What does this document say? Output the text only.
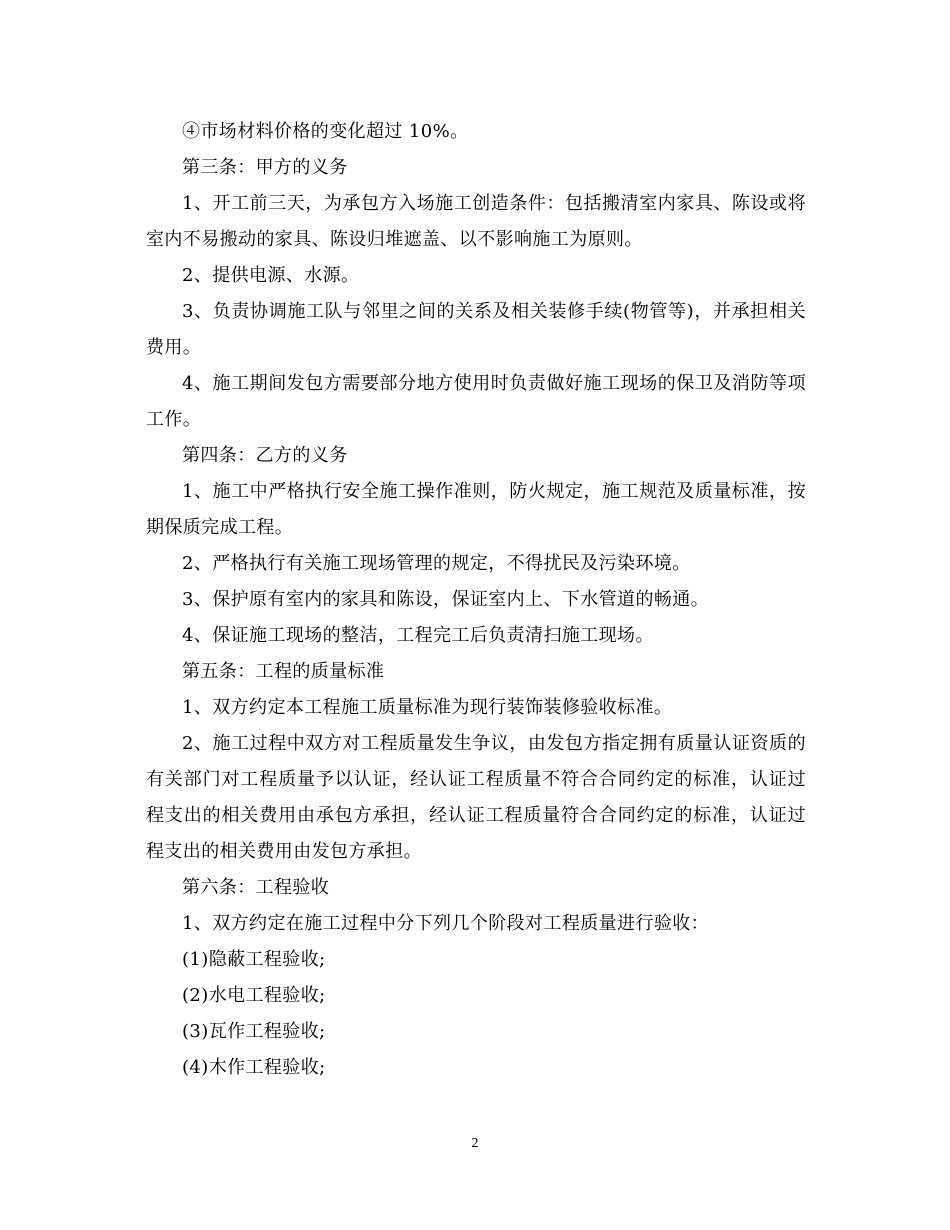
④市场材料价格的变化超过 10%。

第三条：甲方的义务

1、开工前三天，为承包方入场施工创造条件：包括搬清室内家具、陈设或将室内不易搬动的家具、陈设归堆遮盖、以不影响施工为原则。

2、提供电源、水源。

3、负责协调施工队与邻里之间的关系及相关装修手续(物管等)，并承担相关费用。

4、施工期间发包方需要部分地方使用时负责做好施工现场的保卫及消防等项工作。

第四条：乙方的义务

1、施工中严格执行安全施工操作准则，防火规定，施工规范及质量标准，按期保质完成工程。

2、严格执行有关施工现场管理的规定，不得扰民及污染环境。

3、保护原有室内的家具和陈设，保证室内上、下水管道的畅通。

4、保证施工现场的整洁，工程完工后负责清扫施工现场。

第五条：工程的质量标准

1、双方约定本工程施工质量标准为现行装饰装修验收标准。

2、施工过程中双方对工程质量发生争议，由发包方指定拥有质量认证资质的有关部门对工程质量予以认证，经认证工程质量不符合合同约定的标准，认证过程支出的相关费用由承包方承担，经认证工程质量符合合同约定的标准，认证过程支出的相关费用由发包方承担。

第六条：工程验收

1、双方约定在施工过程中分下列几个阶段对工程质量进行验收：

(1)隐蔽工程验收;

(2)水电工程验收;

(3)瓦作工程验收;

(4)木作工程验收;

2
